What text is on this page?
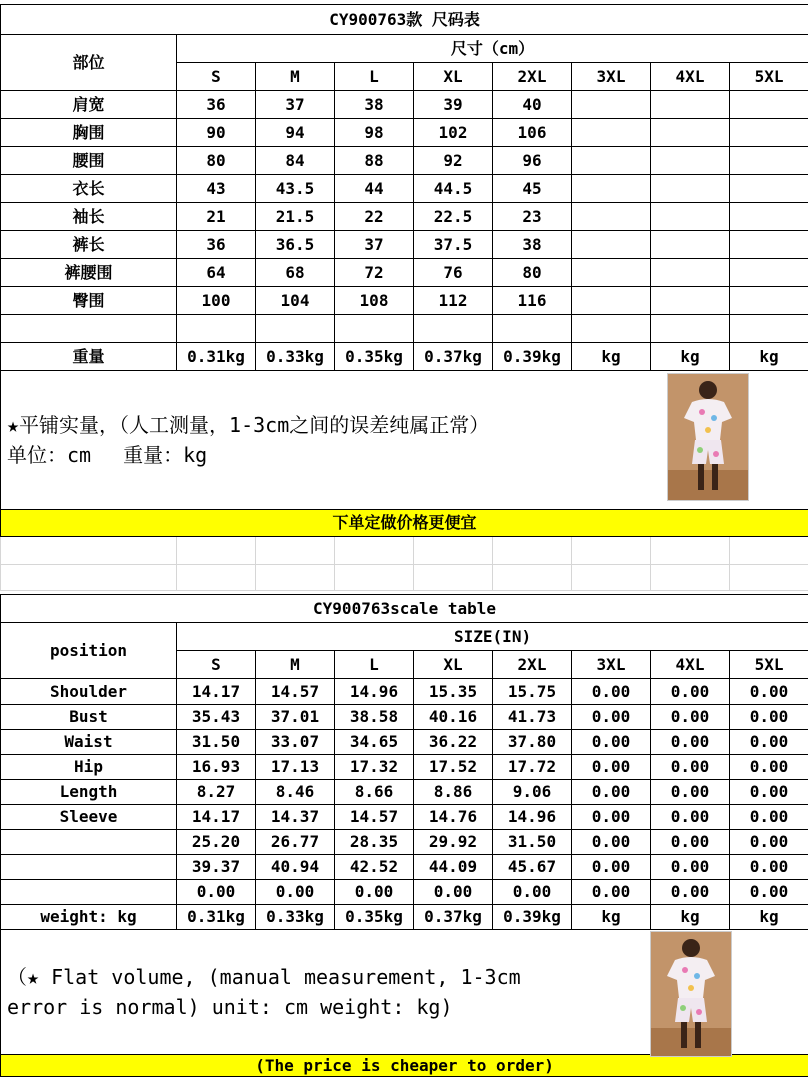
CY900763款 尺码表								
部位	尺寸（cm）							
	S	M	L	XL	2XL	3XL	4XL	5XL
肩宽	36	37	38	39	40			
胸围	90	94	98	102	106			
腰围	80	84	88	92	96			
衣长	43	43.5	44	44.5	45			
袖长	21	21.5	22	22.5	23			
裤长	36	36.5	37	37.5	38			
裤腰围	64	68	72	76	80			
臀围	100	104	108	112	116			

重量	0.31kg	0.33kg	0.35kg	0.37kg	0.39kg	kg	kg	kg

★平铺实量，（人工测量，1-3cm之间的误差纯属正常）
单位：cm　 重量：kg								

下单定做价格更便宜								

CY900763scale table								
position	SIZE(IN)							
	S	M	L	XL	2XL	3XL	4XL	5XL
Shoulder	14.17	14.57	14.96	15.35	15.75	0.00	0.00	0.00
Bust	35.43	37.01	38.58	40.16	41.73	0.00	0.00	0.00
Waist	31.50	33.07	34.65	36.22	37.80	0.00	0.00	0.00
Hip	16.93	17.13	17.32	17.52	17.72	0.00	0.00	0.00
Length	8.27	8.46	8.66	8.86	9.06	0.00	0.00	0.00
Sleeve	14.17	14.37	14.57	14.76	14.96	0.00	0.00	0.00
	25.20	26.77	28.35	29.92	31.50	0.00	0.00	0.00
	39.37	40.94	42.52	44.09	45.67	0.00	0.00	0.00
	0.00	0.00	0.00	0.00	0.00	0.00	0.00	0.00
weight: kg	0.31kg	0.33kg	0.35kg	0.37kg	0.39kg	kg	kg	kg

（★ Flat volume, (manual measurement, 1-3cm
error is normal) unit: cm weight: kg)								

(The price is cheaper to order)								
